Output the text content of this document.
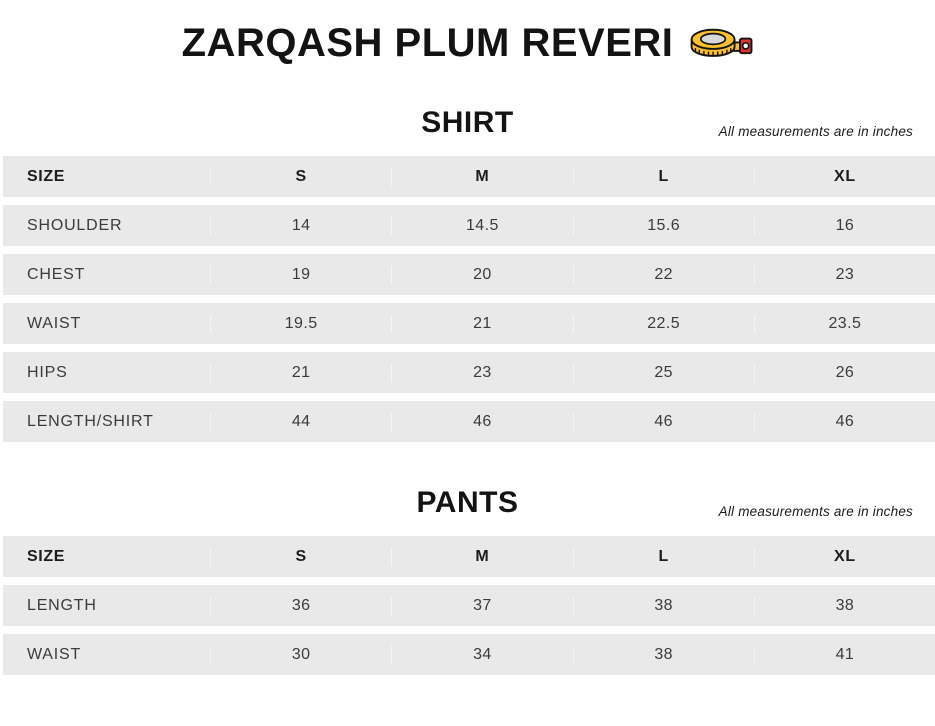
ZARQASH PLUM REVERI
SHIRT	All measurements are in inches
SIZE	S	M	L	XL
SHOULDER	14	14.5	15.6	16
CHEST	19	20	22	23
WAIST	19.5	21	22.5	23.5
HIPS	21	23	25	26
LENGTH/SHIRT	44	46	46	46
PANTS	All measurements are in inches
SIZE	S	M	L	XL
LENGTH	36	37	38	38
WAIST	30	34	38	41
